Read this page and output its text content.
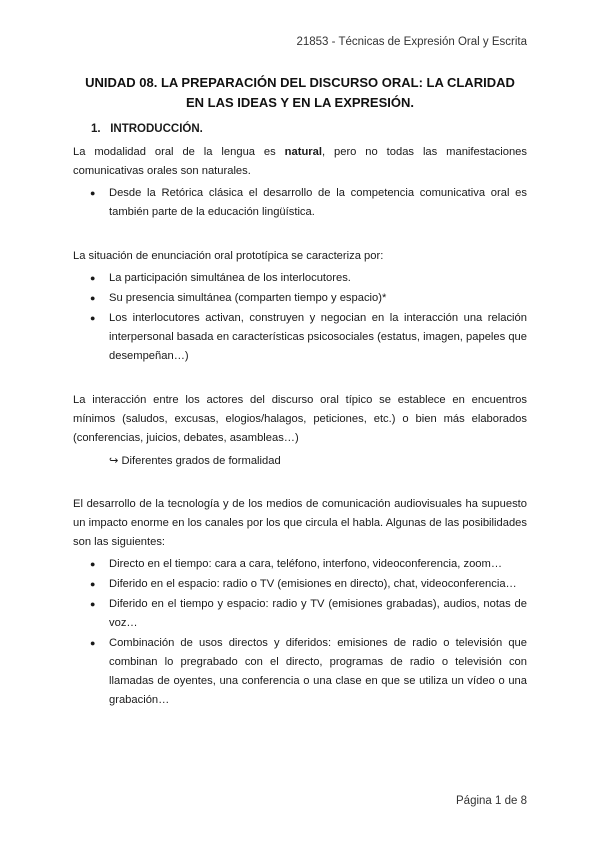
21853 - Técnicas de Expresión Oral y Escrita
UNIDAD 08. LA PREPARACIÓN DEL DISCURSO ORAL: LA CLARIDAD
EN LAS IDEAS Y EN LA EXPRESIÓN.
1. INTRODUCCIÓN.

La modalidad oral de la lengua es natural, pero no todas las manifestaciones comunicativas orales son naturales.

● Desde la Retórica clásica el desarrollo de la competencia comunicativa oral es también parte de la educación lingüística.

La situación de enunciación oral prototípica se caracteriza por:

● La participación simultánea de los interlocutores.
● Su presencia simultánea (comparten tiempo y espacio)*
● Los interlocutores activan, construyen y negocian en la interacción una relación interpersonal basada en características psicosociales (estatus, imagen, papeles que desempeñan…)

La interacción entre los actores del discurso oral típico se establece en encuentros mínimos (saludos, excusas, elogios/halagos, peticiones, etc.) o bien más elaborados (conferencias, juicios, debates, asambleas…)

↪ Diferentes grados de formalidad

El desarrollo de la tecnología y de los medios de comunicación audiovisuales ha supuesto un impacto enorme en los canales por los que circula el habla. Algunas de las posibilidades son las siguientes:

● Directo en el tiempo: cara a cara, teléfono, interfono, videoconferencia, zoom…
● Diferido en el espacio: radio o TV (emisiones en directo), chat, videoconferencia…
● Diferido en el tiempo y espacio: radio y TV (emisiones grabadas), audios, notas de voz…
● Combinación de usos directos y diferidos: emisiones de radio o televisión que combinan lo pregrabado con el directo, programas de radio o televisión con llamadas de oyentes, una conferencia o una clase en que se utiliza un vídeo o una grabación…
Página 1 de 8
